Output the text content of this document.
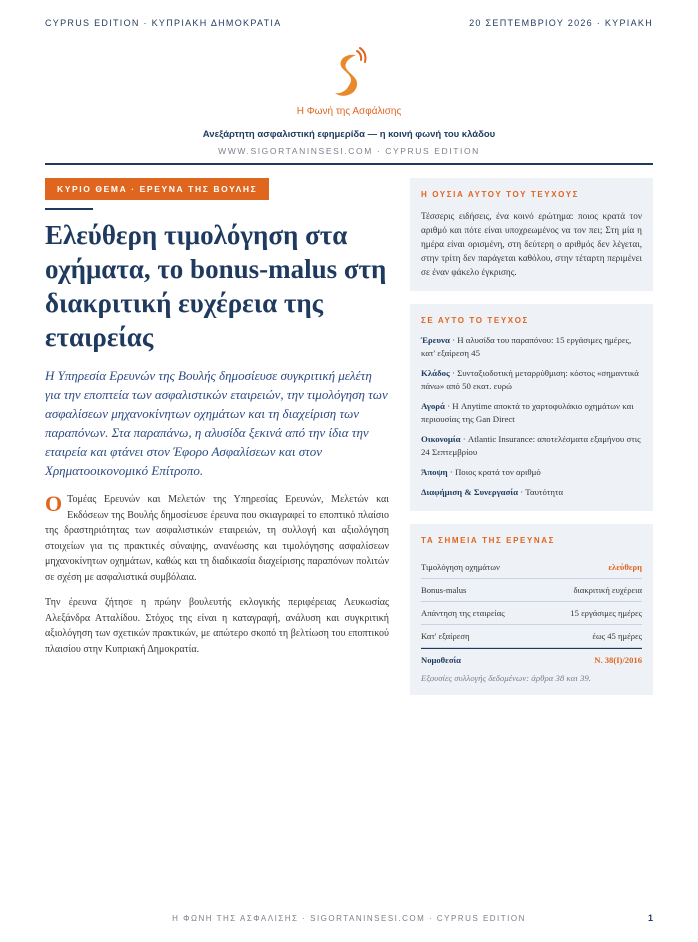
CYPRUS EDITION · ΚΥΠΡΙΑΚΗ ΔΗΜΟΚΡΑΤΙΑ	20 ΣΕΠΤΕΜΒΡΙΟΥ 2026 · ΚΥΡΙΑΚΗ
Η Φωνή της Ασφάλισης
Ανεξάρτητη ασφαλιστική εφημερίδα — η κοινή φωνή του κλάδου
WWW.SIGORTANINSESI.COM · CYPRUS EDITION
ΚΥΡΙΟ ΘΕΜΑ · ΕΡΕΥΝΑ ΤΗΣ ΒΟΥΛΗΣ
Ελεύθερη τιμολόγηση στα οχήματα, το bonus-malus στη διακριτική ευχέρεια της εταιρείας

Η Υπηρεσία Ερευνών της Βουλής δημοσίευσε συγκριτική μελέτη για την εποπτεία των ασφαλιστικών εταιρειών, την τιμολόγηση των ασφαλίσεων μηχανοκίνητων οχημάτων και τη διαχείριση των παραπόνων. Στα παραπάνω, η αλυσίδα ξεκινά από την ίδια την εταιρεία και φτάνει στον Έφορο Ασφαλίσεων και στον Χρηματοοικονομικό Επίτροπο.

Ο Τομέας Ερευνών και Μελετών της Υπηρεσίας Ερευνών, Μελετών και Εκδόσεων της Βουλής δημοσίευσε έρευνα που σκιαγραφεί το εποπτικό πλαίσιο της δραστηριότητας των ασφαλιστικών εταιρειών, τη συλλογή και αξιολόγηση στοιχείων για τις πρακτικές σύναψης, ανανέωσης και τιμολόγησης ασφαλίσεων μηχανοκίνητων οχημάτων, καθώς και τη διαδικασία διαχείρισης παραπόνων πολιτών σε σχέση με ασφαλιστικά συμβόλαια.

Την έρευνα ζήτησε η πρώην βουλευτής εκλογικής περιφέρειας Λευκωσίας Αλεξάνδρα Ατταλίδου. Στόχος της είναι η καταγραφή, ανάλυση και συγκριτική αξιολόγηση των σχετικών πρακτικών, με απώτερο σκοπό τη βελτίωση του εποπτικού πλαισίου στην Κυπριακή Δημοκρατία.

Η ΟΥΣΙΑ ΑΥΤΟΥ ΤΟΥ ΤΕΥΧΟΥΣ

Τέσσερις ειδήσεις, ένα κοινό ερώτημα: ποιος κρατά τον αριθμό και πότε είναι υποχρεωμένος να τον πει; Στη μία η ημέρα είναι ορισμένη, στη δεύτερη ο αριθμός δεν λέγεται, στην τρίτη δεν παράγεται καθόλου, στην τέταρτη περιμένει σε έναν φάκελο έγκρισης.

ΣΕ ΑΥΤΟ ΤΟ ΤΕΥΧΟΣ
Έρευνα · Η αλυσίδα του παραπόνου: 15 εργάσιμες ημέρες, κατ' εξαίρεση 45
Κλάδος · Συνταξιοδοτική μεταρρύθμιση: κόστος «σημαντικά πάνω» από 50 εκατ. ευρώ
Αγορά · Η Anytime αποκτά το χαρτοφυλάκιο οχημάτων και περιουσίας της Gan Direct
Οικονομία · Atlantic Insurance: αποτελέσματα εξαμήνου στις 24 Σεπτεμβρίου
Άποψη · Ποιος κρατά τον αριθμό
Διαφήμιση & Συνεργασία · Ταυτότητα
ΤΑ ΣΗΜΕΙΑ ΤΗΣ ΕΡΕΥΝΑΣ
Τιμολόγηση οχημάτων	ελεύθερη
Bonus-malus	διακριτική ευχέρεια
Απάντηση της εταιρείας	15 εργάσιμες ημέρες
Κατ' εξαίρεση	έως 45 ημέρες
Νομοθεσία	Ν. 38(Ι)/2016

Εξουσίες συλλογής δεδομένων: άρθρα 38 και 39.

Η ΦΩΝΗ ΤΗΣ ΑΣΦΑΛΙΣΗΣ · SIGORTANINSESI.COM · CYPRUS EDITION	1
